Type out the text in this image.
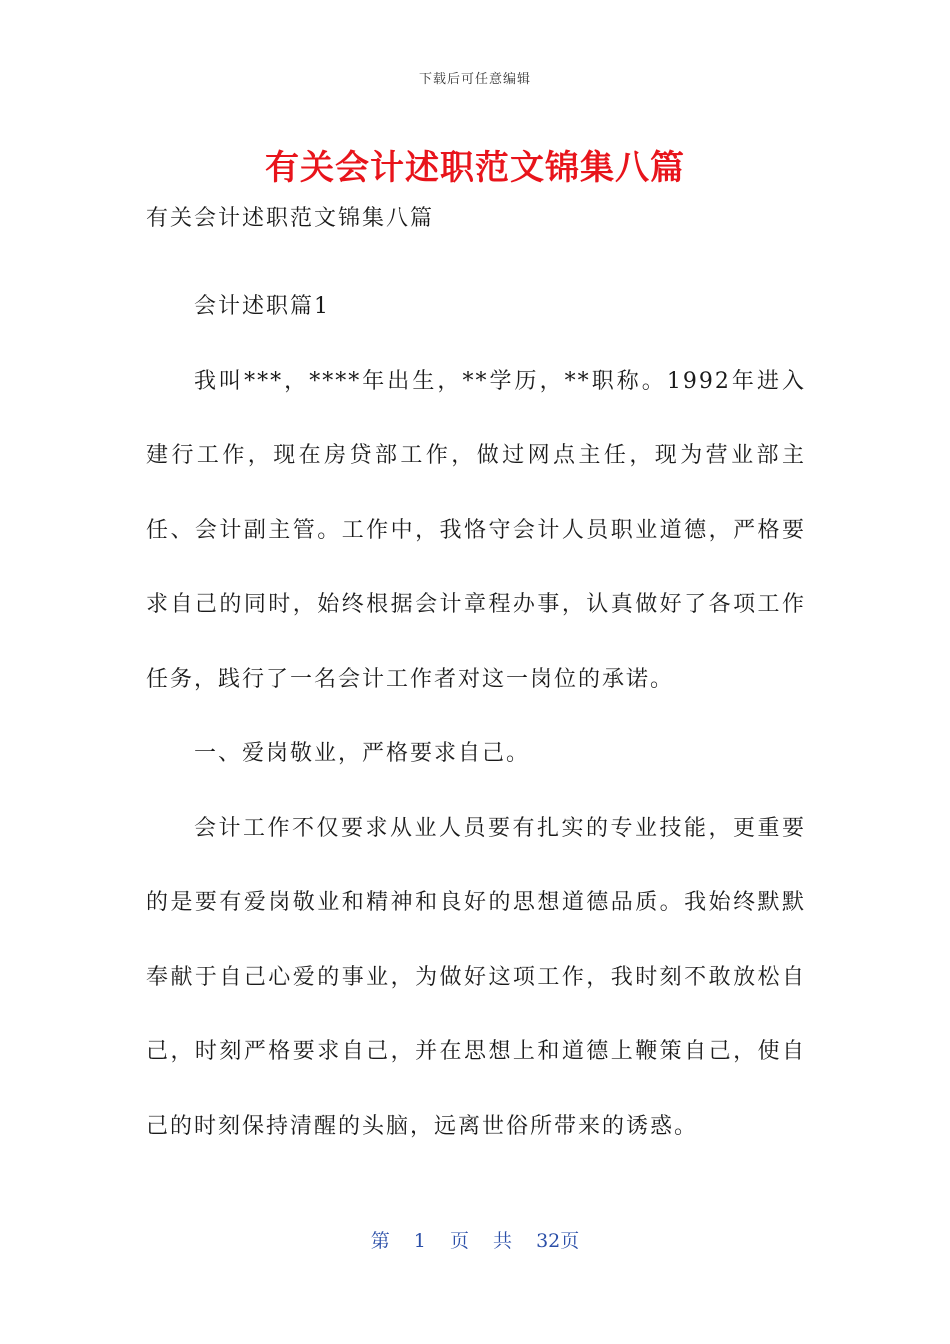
下载后可任意编辑
有关会计述职范文锦集八篇

有关会计述职范文锦集八篇

会计述职篇1

我叫***，****年出生，**学历，**职称。1992年进入建行工作，现在房贷部工作，做过网点主任，现为营业部主任、会计副主管。工作中，我恪守会计人员职业道德，严格要求自己的同时，始终根据会计章程办事，认真做好了各项工作任务，践行了一名会计工作者对这一岗位的承诺。

一、爱岗敬业，严格要求自己。

会计工作不仅要求从业人员要有扎实的专业技能，更重要的是要有爱岗敬业和精神和良好的思想道德品质。我始终默默奉献于自己心爱的事业，为做好这项工作，我时刻不敢放松自己，时刻严格要求自己，并在思想上和道德上鞭策自己，使自己的时刻保持清醒的头脑，远离世俗所带来的诱惑。

第 1 页 共 32页
